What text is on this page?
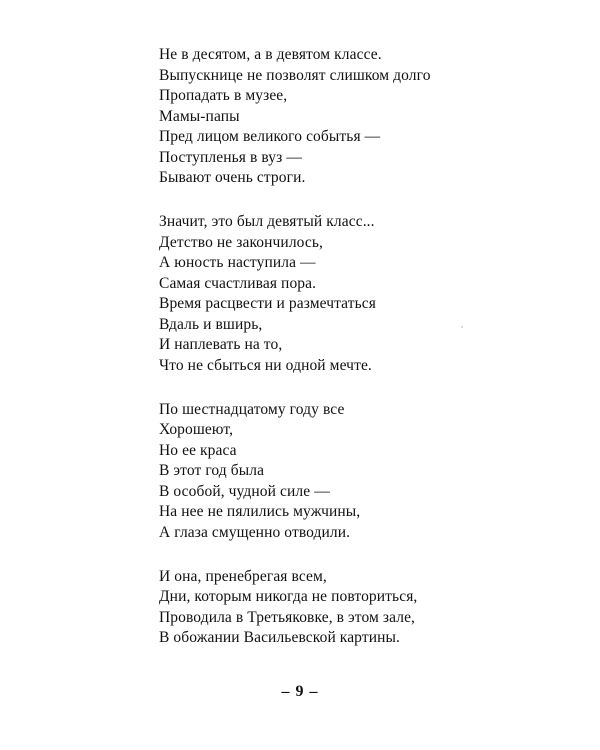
Не в десятом, а в девятом классе.
Выпускнице не позволят слишком долго
Пропадать в музее,
Мамы-папы
Пред лицом великого событья —
Поступленья в вуз —
Бывают очень строги.
Значит, это был девятый класс...
Детство не закончилось,
А юность наступила —
Самая счастливая пора.
Время расцвести и размечтаться
Вдаль и вширь,
И наплевать на то,
Что не сбыться ни одной мечте.
По шестнадцатому году все
Хорошеют,
Но ее краса
В этот год была
В особой, чудной силе —
На нее не пялились мужчины,
А глаза смущенно отводили.
И она, пренебрегая всем,
Дни, которым никогда не повториться,
Проводила в Третьяковке, в этом зале,
В обожании Васильевской картины.
– 9 –
